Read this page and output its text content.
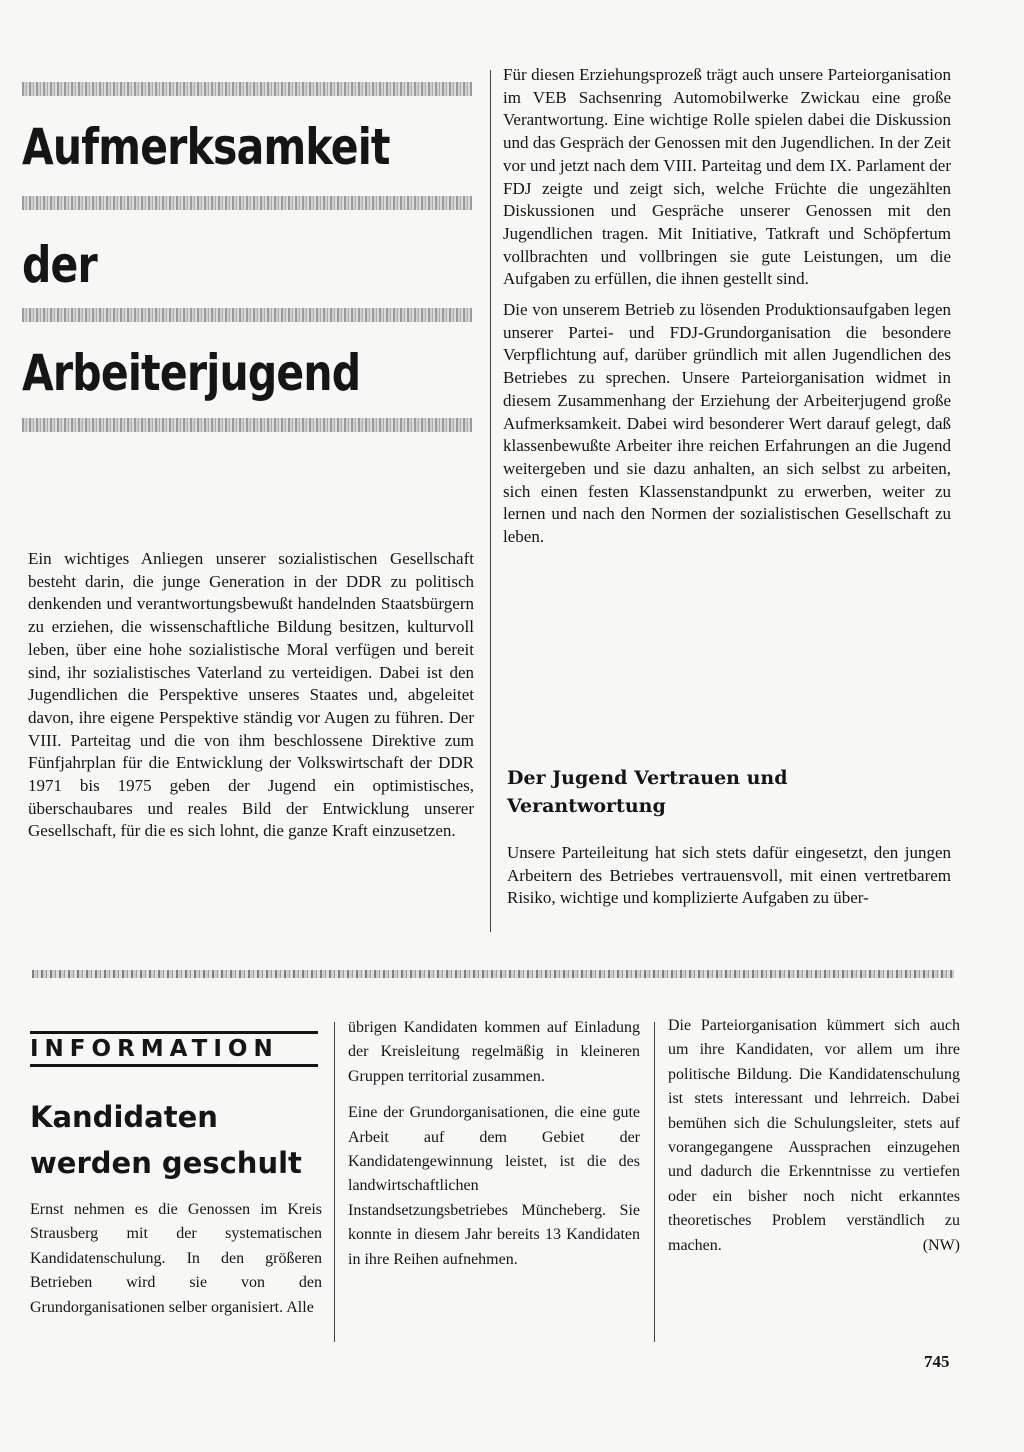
Aufmerksamkeit
der
Arbeiterjugend

Ein wichtiges Anliegen unserer sozialistischen Gesellschaft besteht darin, die junge Generation in der DDR zu politisch denkenden und verantwortungsbewußt handelnden Staatsbürgern zu erziehen, die wissenschaftliche Bildung besitzen, kulturvoll leben, über eine hohe sozialistische Moral verfügen und bereit sind, ihr sozialistisches Vaterland zu verteidigen. Dabei ist den Jugendlichen die Perspektive unseres Staates und, abgeleitet davon, ihre eigene Perspektive ständig vor Augen zu führen. Der VIII. Parteitag und die von ihm beschlossene Direktive zum Fünfjahrplan für die Entwicklung der Volkswirtschaft der DDR 1971 bis 1975 geben der Jugend ein optimistisches, überschaubares und reales Bild der Entwicklung unserer Gesellschaft, für die es sich lohnt, die ganze Kraft einzusetzen.

Für diesen Erziehungsprozeß trägt auch unsere Parteiorganisation im VEB Sachsenring Automobilwerke Zwickau eine große Verantwortung. Eine wichtige Rolle spielen dabei die Diskussion und das Gespräch der Genossen mit den Jugendlichen. In der Zeit vor und jetzt nach dem VIII. Parteitag und dem IX. Parlament der FDJ zeigte und zeigt sich, welche Früchte die ungezählten Diskussionen und Gespräche unserer Genossen mit den Jugendlichen tragen. Mit Initiative, Tatkraft und Schöpfertum vollbrachten und vollbringen sie gute Leistungen, um die Aufgaben zu erfüllen, die ihnen gestellt sind.

Die von unserem Betrieb zu lösenden Produktionsaufgaben legen unserer Partei- und FDJ-Grundorganisation die besondere Verpflichtung auf, darüber gründlich mit allen Jugendlichen des Betriebes zu sprechen. Unsere Parteiorganisation widmet in diesem Zusammenhang der Erziehung der Arbeiterjugend große Aufmerksamkeit. Dabei wird besonderer Wert darauf gelegt, daß klassenbewußte Arbeiter ihre reichen Erfahrungen an die Jugend weitergeben und sie dazu anhalten, an sich selbst zu arbeiten, sich einen festen Klassenstandpunkt zu erwerben, weiter zu lernen und nach den Normen der sozialistischen Gesellschaft zu leben.

Der Jugend Vertrauen und Verantwortung

Unsere Parteileitung hat sich stets dafür eingesetzt, den jungen Arbeitern des Betriebes vertrauensvoll, mit einen vertretbarem Risiko, wichtige und komplizierte Aufgaben zu über-

INFORMATION
Kandidaten
werden geschult

Ernst nehmen es die Genossen im Kreis Strausberg mit der systematischen Kandidatenschulung. In den größeren Betrieben wird sie von den Grundorganisationen selber organisiert. Alle

übrigen Kandidaten kommen auf Einladung der Kreisleitung regelmäßig in kleineren Gruppen territorial zusammen.

Eine der Grundorganisationen, die eine gute Arbeit auf dem Gebiet der Kandidatengewinnung leistet, ist die des landwirtschaftlichen Instandsetzungsbetriebes Müncheberg. Sie konnte in diesem Jahr bereits 13 Kandidaten in ihre Reihen aufnehmen.

Die Parteiorganisation kümmert sich auch um ihre Kandidaten, vor allem um ihre politische Bildung. Die Kandidatenschulung ist stets interessant und lehrreich. Dabei bemühen sich die Schulungsleiter, stets auf vorangegangene Aussprachen einzugehen und dadurch die Erkenntnisse zu vertiefen oder ein bisher noch nicht erkanntes theoretisches Problem verständlich zu machen.	(NW)

745
